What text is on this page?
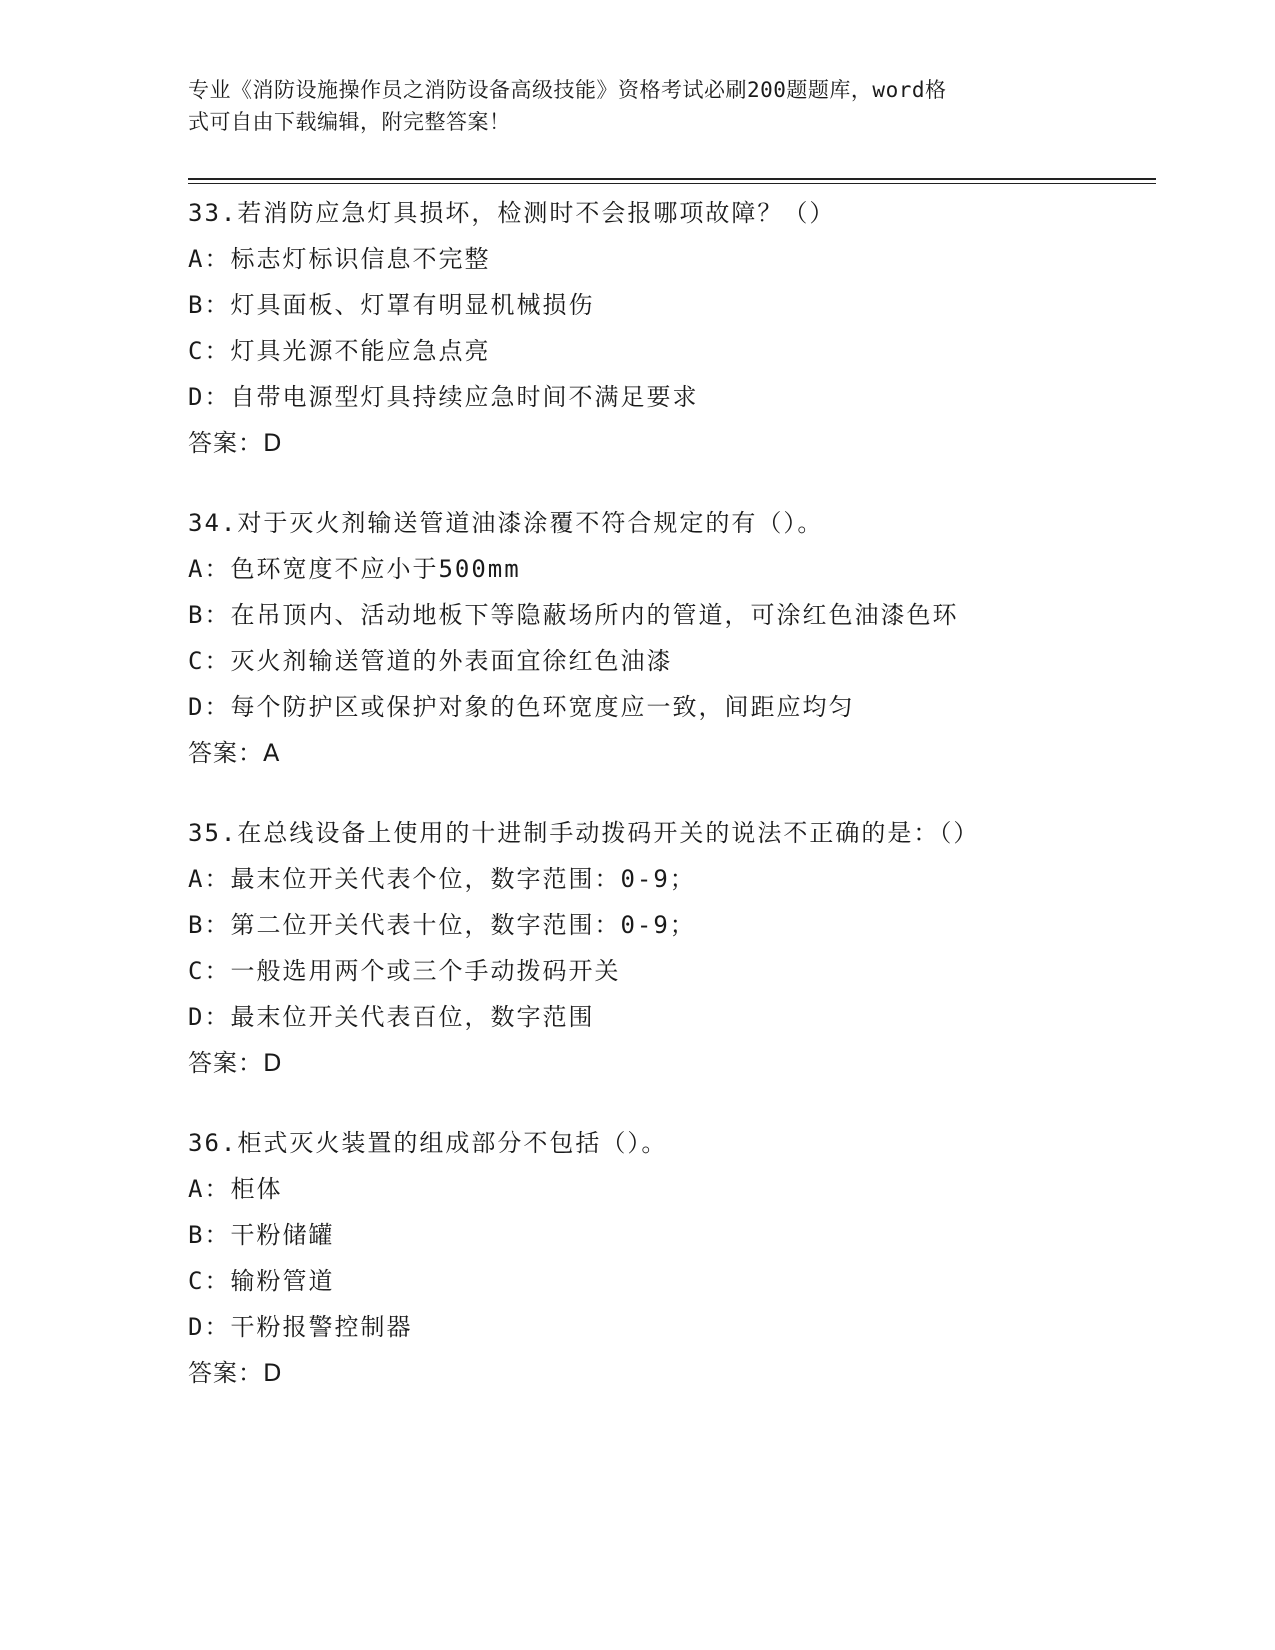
专业《消防设施操作员之消防设备高级技能》资格考试必刷200题题库，word格
式可自由下载编辑，附完整答案！
33.若消防应急灯具损坏，检测时不会报哪项故障？（）
A：标志灯标识信息不完整
B：灯具面板、灯罩有明显机械损伤
C：灯具光源不能应急点亮
D：自带电源型灯具持续应急时间不满足要求
答案：D
34.对于灭火剂输送管道油漆涂覆不符合规定的有（）。
A：色环宽度不应小于500mm
B：在吊顶内、活动地板下等隐蔽场所内的管道，可涂红色油漆色环
C：灭火剂输送管道的外表面宜徐红色油漆
D：每个防护区或保护对象的色环宽度应一致，间距应均匀
答案：A
35.在总线设备上使用的十进制手动拨码开关的说法不正确的是：（）
A：最末位开关代表个位，数字范围：0-9；
B：第二位开关代表十位，数字范围：0-9；
C：一般选用两个或三个手动拨码开关
D：最末位开关代表百位，数字范围
答案：D
36.柜式灭火装置的组成部分不包括（）。
A：柜体
B：干粉储罐
C：输粉管道
D：干粉报警控制器
答案：D
